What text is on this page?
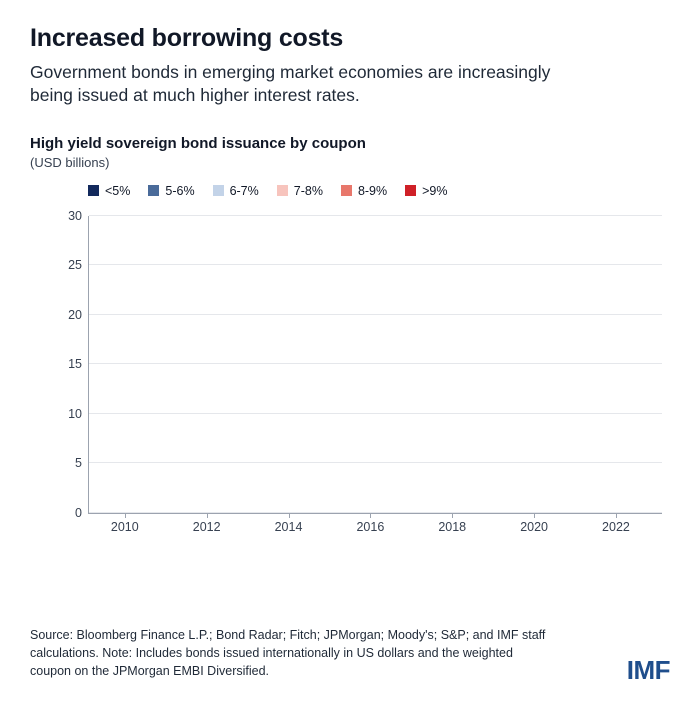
Increased borrowing costs
Government bonds in emerging market economies are increasingly being issued at much higher interest rates.
High yield sovereign bond issuance by coupon
(USD billions)
<5%	5-6%	6-7%	7-8%	8-9%	>9%
0
5
10
15
20
25
30
2010	2012	2014	2016	2018	2020	2022
Source: Bloomberg Finance L.P.; Bond Radar; Fitch; JPMorgan; Moody's; S&P; and IMF staff calculations. Note: Includes bonds issued internationally in US dollars and the weighted coupon on the JPMorgan EMBI Diversified.	IMF
